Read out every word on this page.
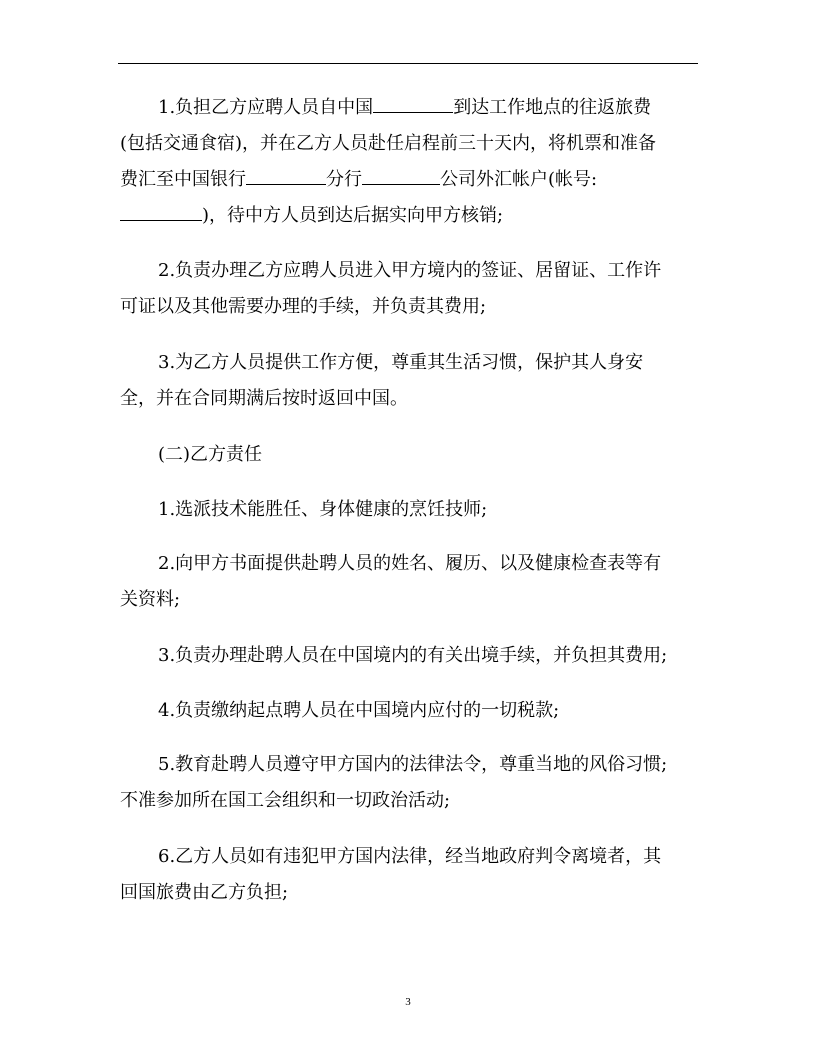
1.负担乙方应聘人员自中国	到达工作地点的往返旅费
(包括交通食宿)，并在乙方人员赴任启程前三十天内，将机票和准备
费汇至中国银行	分行	公司外汇帐户(帐号:
)，待中方人员到达后据实向甲方核销;

2.负责办理乙方应聘人员进入甲方境内的签证、居留证、工作许
可证以及其他需要办理的手续，并负责其费用;

3.为乙方人员提供工作方便，尊重其生活习惯，保护其人身安
全，并在合同期满后按时返回中国。

(二)乙方责任

1.选派技术能胜任、身体健康的烹饪技师;

2.向甲方书面提供赴聘人员的姓名、履历、以及健康检查表等有
关资料;

3.负责办理赴聘人员在中国境内的有关出境手续，并负担其费用;

4.负责缴纳起点聘人员在中国境内应付的一切税款;

5.教育赴聘人员遵守甲方国内的法律法令，尊重当地的风俗习惯;
不准参加所在国工会组织和一切政治活动;

6.乙方人员如有违犯甲方国内法律，经当地政府判令离境者，其
回国旅费由乙方负担;

3
